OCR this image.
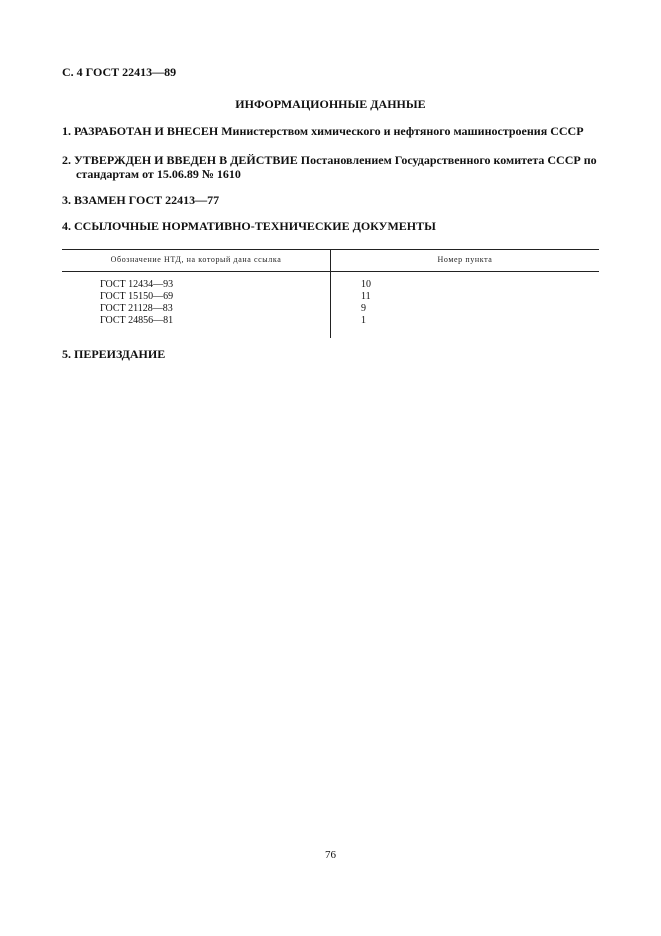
С. 4 ГОСТ 22413—89
ИНФОРМАЦИОННЫЕ ДАННЫЕ
1. РАЗРАБОТАН И ВНЕСЕН Министерством химического и нефтяного машиностроения СССР
2. УТВЕРЖДЕН И ВВЕДЕН В ДЕЙСТВИЕ Постановлением Государственного комитета СССР по
стандартам от 15.06.89 № 1610
3. ВЗАМЕН ГОСТ 22413—77
4. ССЫЛОЧНЫЕ НОРМАТИВНО-ТЕХНИЧЕСКИЕ ДОКУМЕНТЫ
Обозначение НТД, на который дана ссылка	Номер пункта
ГОСТ 12434—93
ГОСТ 15150—69
ГОСТ 21128—83
ГОСТ 24856—81
10
11
9
1
5. ПЕРЕИЗДАНИЕ
76
